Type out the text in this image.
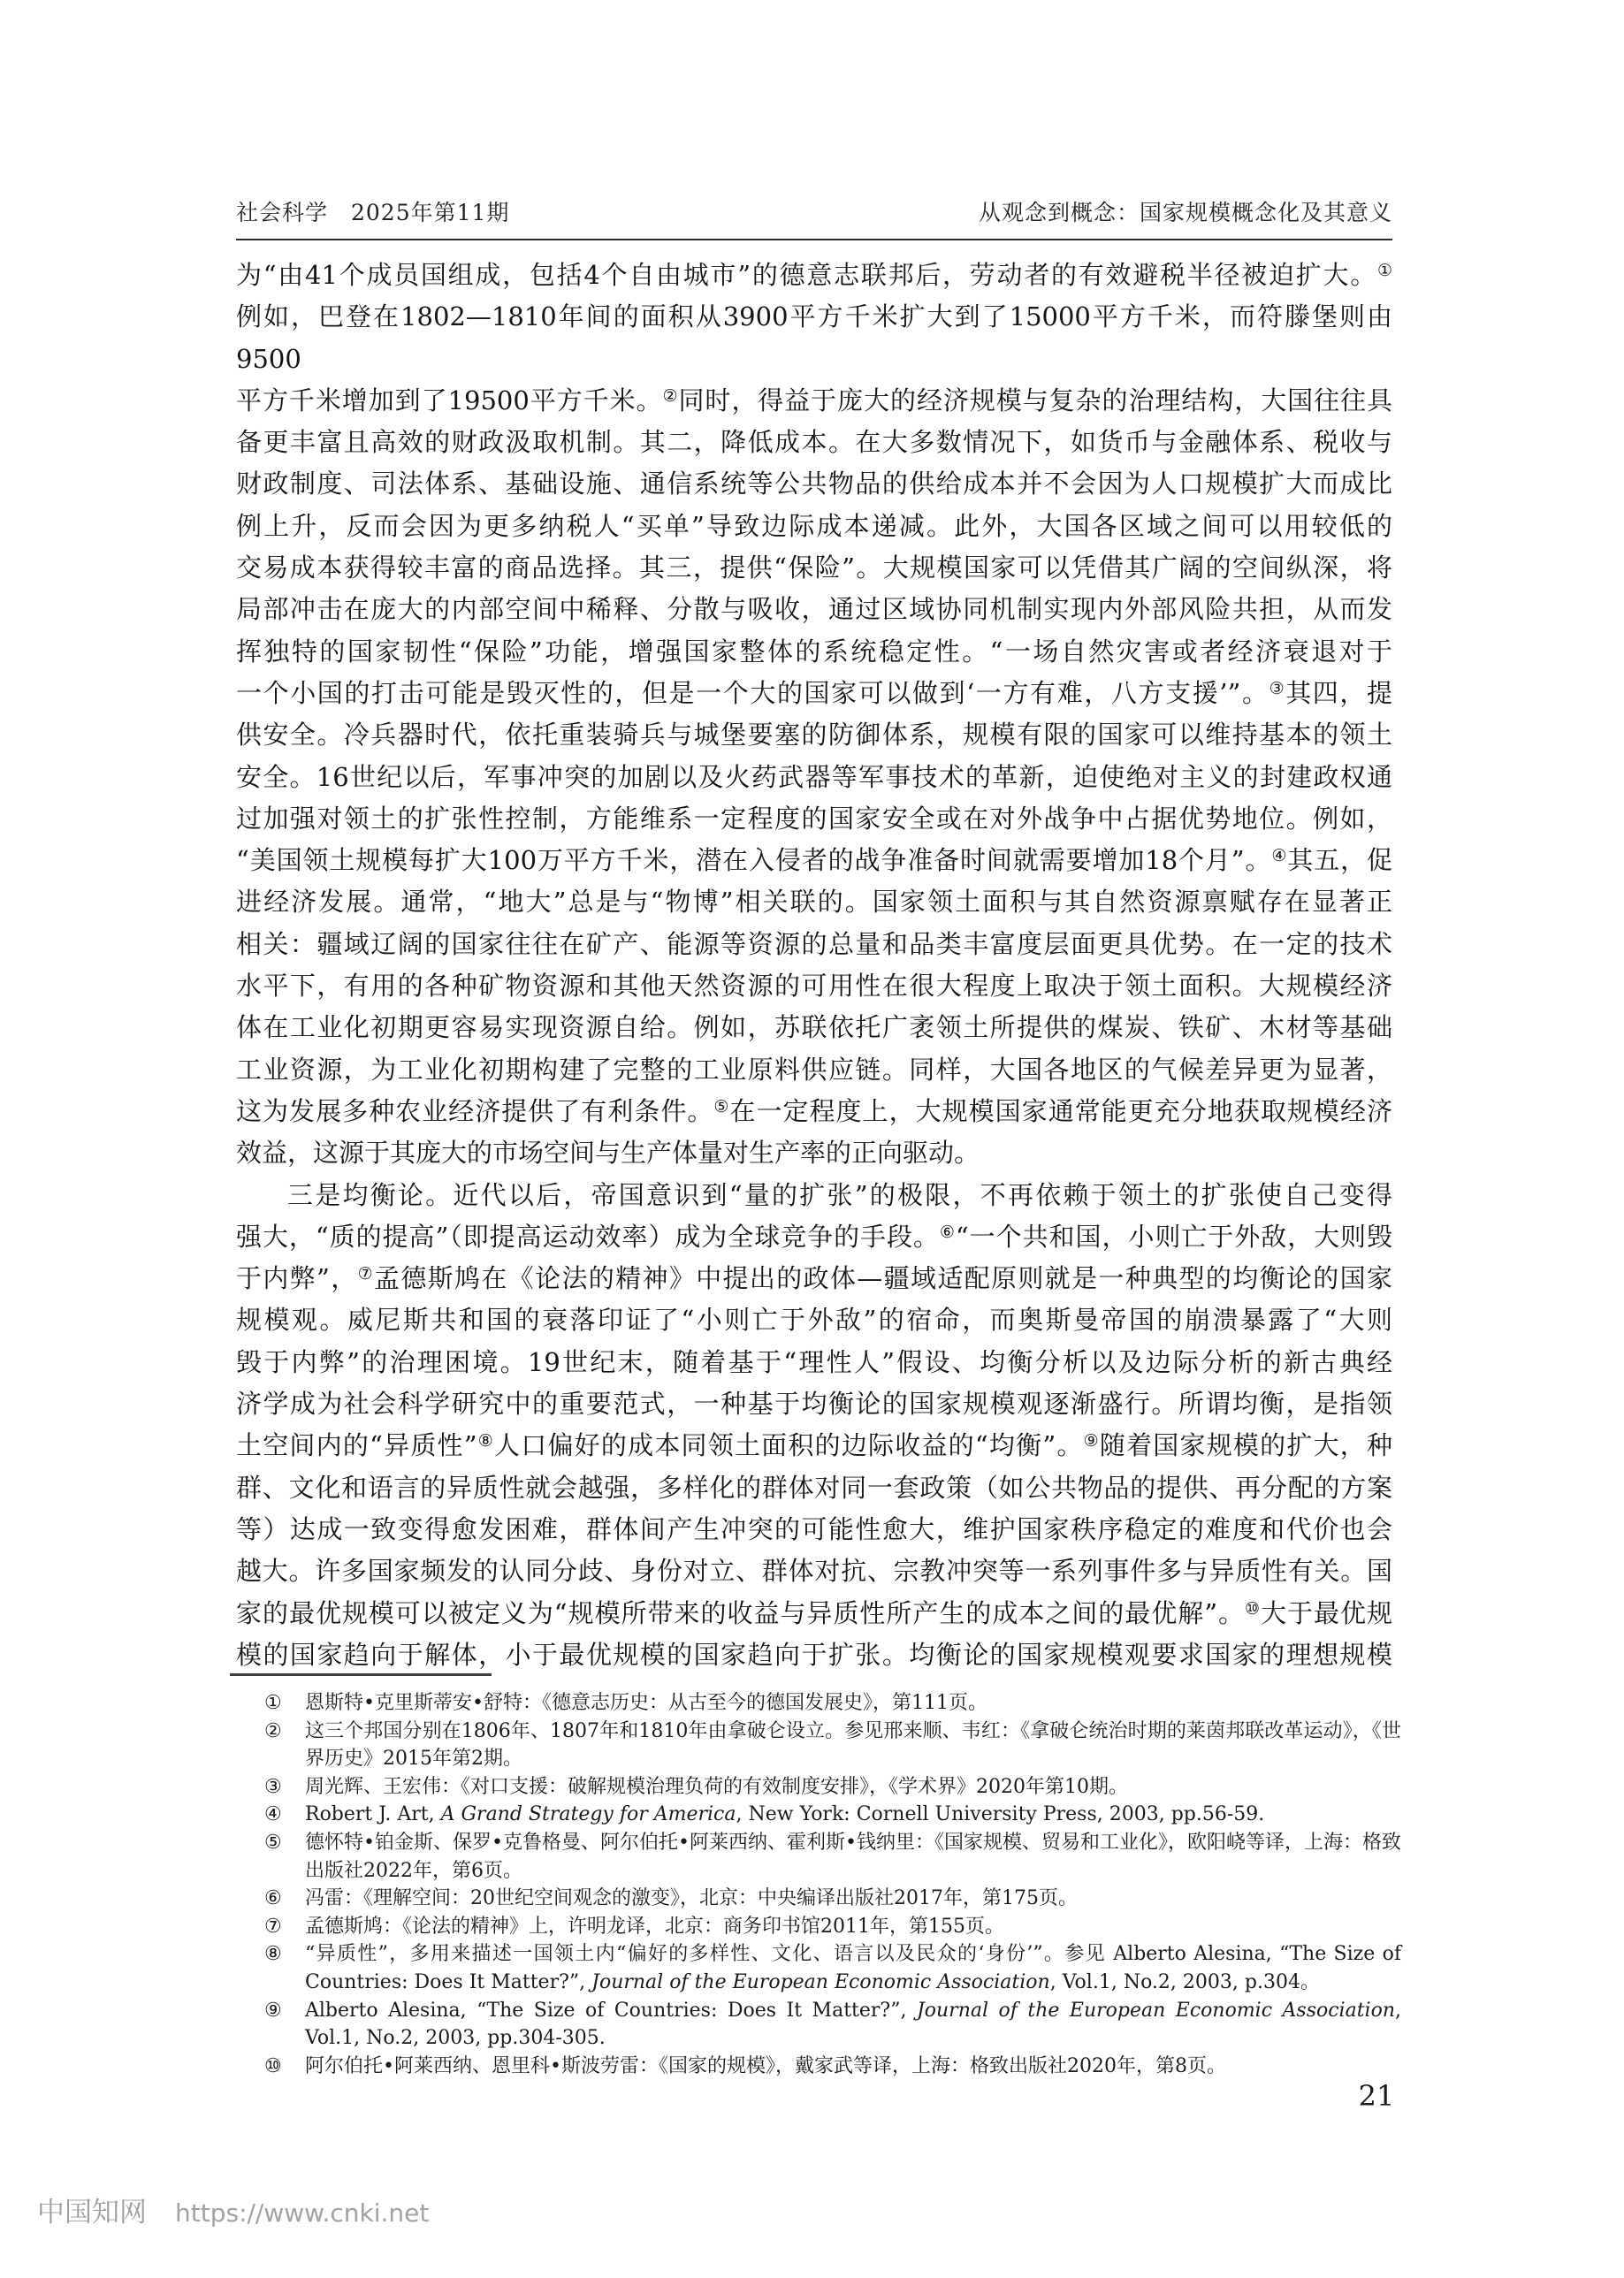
社会科学　2025年第11期	从观念到概念：国家规模概念化及其意义
为“由41个成员国组成，包括4个自由城市”的德意志联邦后，劳动者的有效避税半径被迫扩大。①
例如，巴登在1802—1810年间的面积从3900平方千米扩大到了15000平方千米，而符滕堡则由9500
平方千米增加到了19500平方千米。②同时，得益于庞大的经济规模与复杂的治理结构，大国往往具
备更丰富且高效的财政汲取机制。其二，降低成本。在大多数情况下，如货币与金融体系、税收与
财政制度、司法体系、基础设施、通信系统等公共物品的供给成本并不会因为人口规模扩大而成比
例上升，反而会因为更多纳税人“买单”导致边际成本递减。此外，大国各区域之间可以用较低的
交易成本获得较丰富的商品选择。其三，提供“保险”。大规模国家可以凭借其广阔的空间纵深，将
局部冲击在庞大的内部空间中稀释、分散与吸收，通过区域协同机制实现内外部风险共担，从而发
挥独特的国家韧性“保险”功能，增强国家整体的系统稳定性。“一场自然灾害或者经济衰退对于
一个小国的打击可能是毁灭性的，但是一个大的国家可以做到‘一方有难，八方支援’”。③其四，提
供安全。冷兵器时代，依托重装骑兵与城堡要塞的防御体系，规模有限的国家可以维持基本的领土
安全。16世纪以后，军事冲突的加剧以及火药武器等军事技术的革新，迫使绝对主义的封建政权通
过加强对领土的扩张性控制，方能维系一定程度的国家安全或在对外战争中占据优势地位。例如，
“美国领土规模每扩大100万平方千米，潜在入侵者的战争准备时间就需要增加18个月”。④其五，促
进经济发展。通常，“地大”总是与“物博”相关联的。国家领土面积与其自然资源禀赋存在显著正
相关：疆域辽阔的国家往往在矿产、能源等资源的总量和品类丰富度层面更具优势。在一定的技术
水平下，有用的各种矿物资源和其他天然资源的可用性在很大程度上取决于领土面积。大规模经济
体在工业化初期更容易实现资源自给。例如，苏联依托广袤领土所提供的煤炭、铁矿、木材等基础
工业资源，为工业化初期构建了完整的工业原料供应链。同样，大国各地区的气候差异更为显著，
这为发展多种农业经济提供了有利条件。⑤在一定程度上，大规模国家通常能更充分地获取规模经济
效益，这源于其庞大的市场空间与生产体量对生产率的正向驱动。
三是均衡论。近代以后，帝国意识到“量的扩张”的极限，不再依赖于领土的扩张使自己变得
强大，“质的提高”（即提高运动效率）成为全球竞争的手段。⑥“一个共和国，小则亡于外敌，大则毁
于内弊”，⑦孟德斯鸠在《论法的精神》中提出的政体—疆域适配原则就是一种典型的均衡论的国家
规模观。威尼斯共和国的衰落印证了“小则亡于外敌”的宿命，而奥斯曼帝国的崩溃暴露了“大则
毁于内弊”的治理困境。19世纪末，随着基于“理性人”假设、均衡分析以及边际分析的新古典经
济学成为社会科学研究中的重要范式，一种基于均衡论的国家规模观逐渐盛行。所谓均衡，是指领
土空间内的“异质性”⑧人口偏好的成本同领土面积的边际收益的“均衡”。⑨随着国家规模的扩大，种
群、文化和语言的异质性就会越强，多样化的群体对同一套政策（如公共物品的提供、再分配的方案
等）达成一致变得愈发困难，群体间产生冲突的可能性愈大，维护国家秩序稳定的难度和代价也会
越大。许多国家频发的认同分歧、身份对立、群体对抗、宗教冲突等一系列事件多与异质性有关。国
家的最优规模可以被定义为“规模所带来的收益与异质性所产生的成本之间的最优解”。⑩大于最优规
模的国家趋向于解体，小于最优规模的国家趋向于扩张。均衡论的国家规模观要求国家的理想规模
① 恩斯特•克里斯蒂安•舒特：《德意志历史：从古至今的德国发展史》，第111页。
② 这三个邦国分别在1806年、1807年和1810年由拿破仑设立。参见邢来顺、韦红：《拿破仑统治时期的莱茵邦联改革运动》，《世界历史》2015年第2期。
③ 周光辉、王宏伟：《对口支援：破解规模治理负荷的有效制度安排》，《学术界》2020年第10期。
④ Robert J. Art, A Grand Strategy for America, New York: Cornell University Press, 2003, pp.56-59.
⑤ 德怀特•铂金斯、保罗•克鲁格曼、阿尔伯托•阿莱西纳、霍利斯•钱纳里：《国家规模、贸易和工业化》，欧阳峣等译，上海：格致出版社2022年，第6页。
⑥ 冯雷：《理解空间：20世纪空间观念的激变》，北京：中央编译出版社2017年，第175页。
⑦ 孟德斯鸠：《论法的精神》上，许明龙译，北京：商务印书馆2011年，第155页。
⑧ “异质性”，多用来描述一国领土内“偏好的多样性、文化、语言以及民众的‘身份’”。参见 Alberto Alesina, “The Size of Countries: Does It Matter?”, Journal of the European Economic Association, Vol.1, No.2, 2003, p.304。
⑨ Alberto Alesina, “The Size of Countries: Does It Matter?”, Journal of the European Economic Association, Vol.1, No.2, 2003, pp.304-305.
⑩ 阿尔伯托•阿莱西纳、恩里科•斯波劳雷：《国家的规模》，戴家武等译，上海：格致出版社2020年，第8页。
21
中国知网 https://www.cnki.net
